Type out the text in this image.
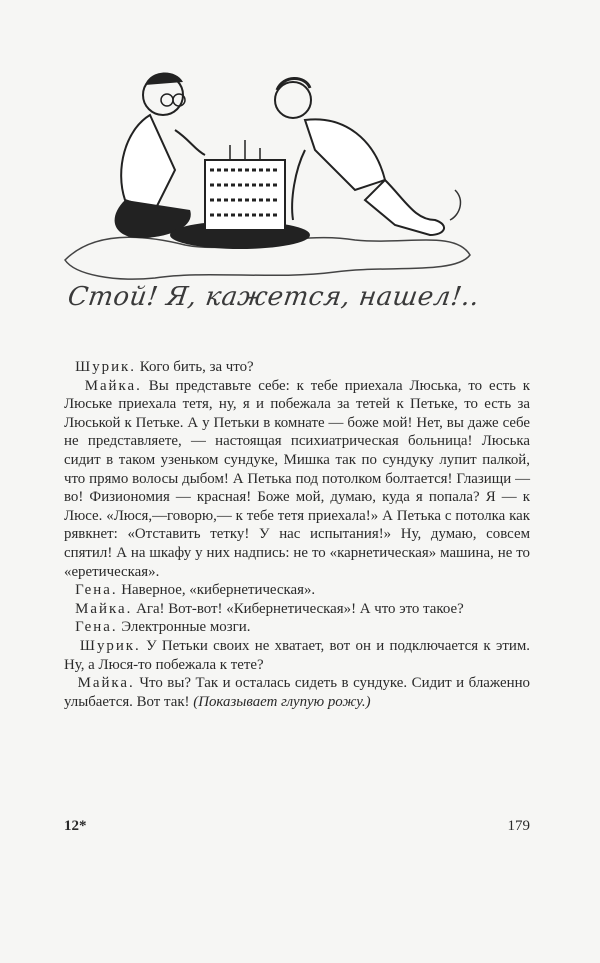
Стой! Я, кажется, нашел!..

Шурик. Кого бить, за что?

Майка. Вы представьте себе: к тебе приехала Люська, то есть к Люське приехала тетя, ну, я и побежала за тетей к Петьке, то есть за Люськой к Петьке. А у Петьки в комнате — боже мой! Нет, вы даже себе не представляете, — настоящая психиатрическая больница! Люська сидит в таком узеньком сундуке, Мишка так по сундуку лупит палкой, что прямо волосы дыбом! А Петька под потолком болтается! Глазищи — во! Физиономия — красная! Боже мой, думаю, куда я попала? Я — к Люсе. «Люся,—говорю,— к тебе тетя приехала!» А Петька с потолка как рявкнет: «Отставить тетку! У нас испытания!» Ну, думаю, совсем спятил! А на шкафу у них надпись: не то «карнетическая» машина, не то «еретическая».

Гена. Наверное, «кибернетическая».

Майка. Ага! Вот-вот! «Кибернетическая»! А что это такое?

Гена. Электронные мозги.

Шурик. У Петьки своих не хватает, вот он и подключается к этим. Ну, а Люся-то побежала к тете?

Майка. Что вы? Так и осталась сидеть в сундуке. Сидит и блаженно улыбается. Вот так! (Показывает глупую рожу.)

12*	179
